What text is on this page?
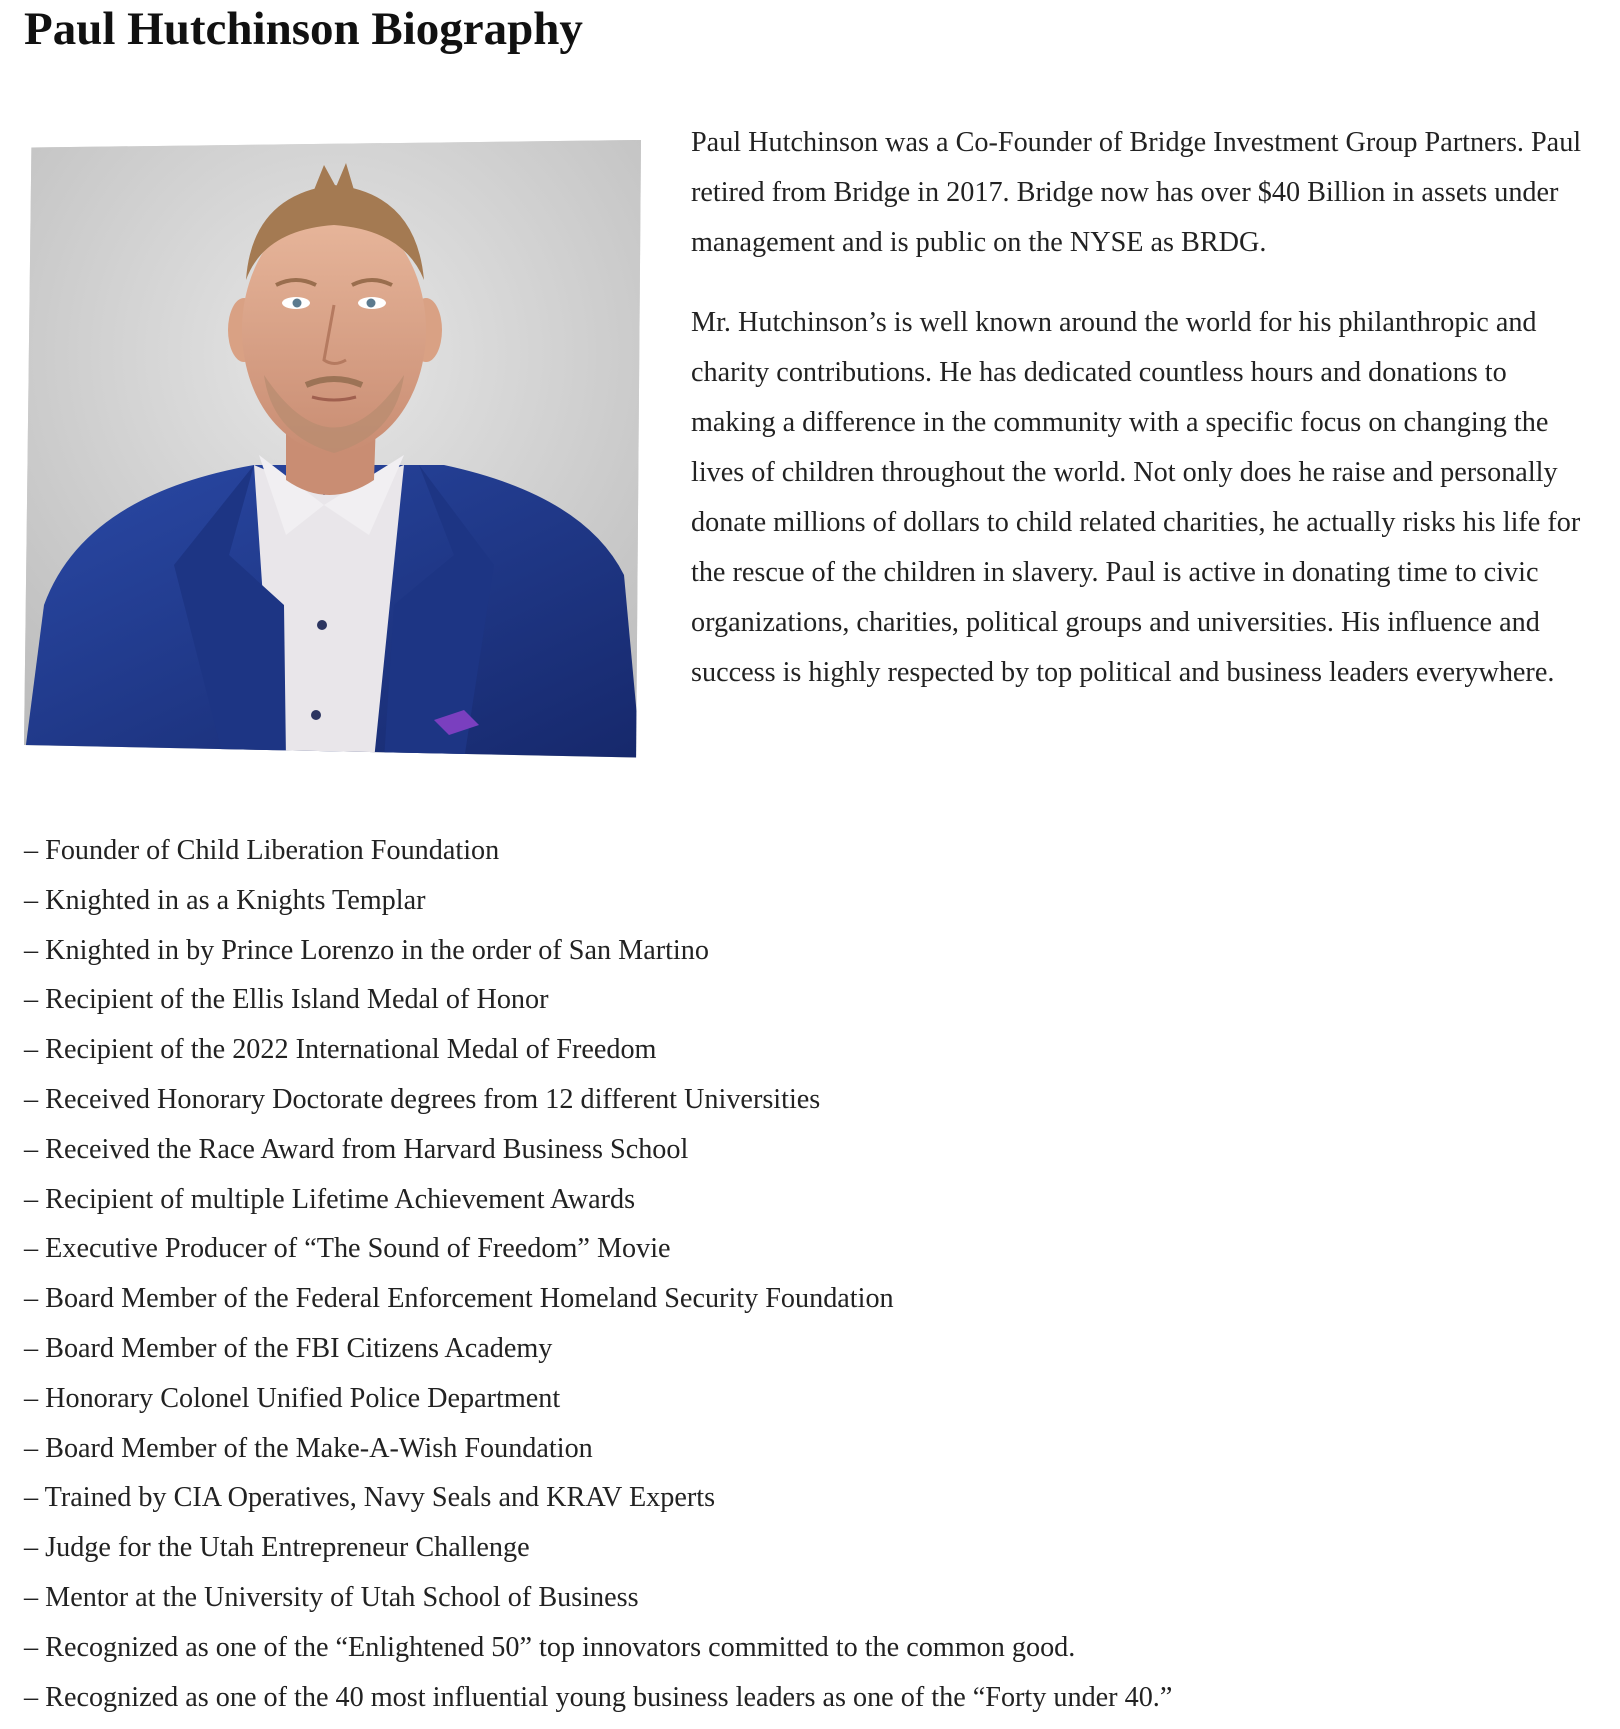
Paul Hutchinson Biography

Paul Hutchinson was a Co-Founder of Bridge Investment Group Partners. Paul retired from Bridge in 2017. Bridge now has over $40 Billion in assets under management and is public on the NYSE as BRDG.

Mr. Hutchinson’s is well known around the world for his philanthropic and charity contributions. He has dedicated countless hours and donations to making a difference in the community with a specific focus on changing the lives of children throughout the world. Not only does he raise and personally donate millions of dollars to child related charities, he actually risks his life for the rescue of the children in slavery. Paul is active in donating time to civic organizations, charities, political groups and universities. His influence and success is highly respected by top political and business leaders everywhere.

– Founder of Child Liberation Foundation
– Knighted in as a Knights Templar
– Knighted in by Prince Lorenzo in the order of San Martino
– Recipient of the Ellis Island Medal of Honor
– Recipient of the 2022 International Medal of Freedom
– Received Honorary Doctorate degrees from 12 different Universities
– Received the Race Award from Harvard Business School
– Recipient of multiple Lifetime Achievement Awards
– Executive Producer of “The Sound of Freedom” Movie
– Board Member of the Federal Enforcement Homeland Security Foundation
– Board Member of the FBI Citizens Academy
– Honorary Colonel Unified Police Department
– Board Member of the Make-A-Wish Foundation
– Trained by CIA Operatives, Navy Seals and KRAV Experts
– Judge for the Utah Entrepreneur Challenge
– Mentor at the University of Utah School of Business
– Recognized as one of the “Enlightened 50” top innovators committed to the common good.
– Recognized as one of the 40 most influential young business leaders as one of the “Forty under 40.”
